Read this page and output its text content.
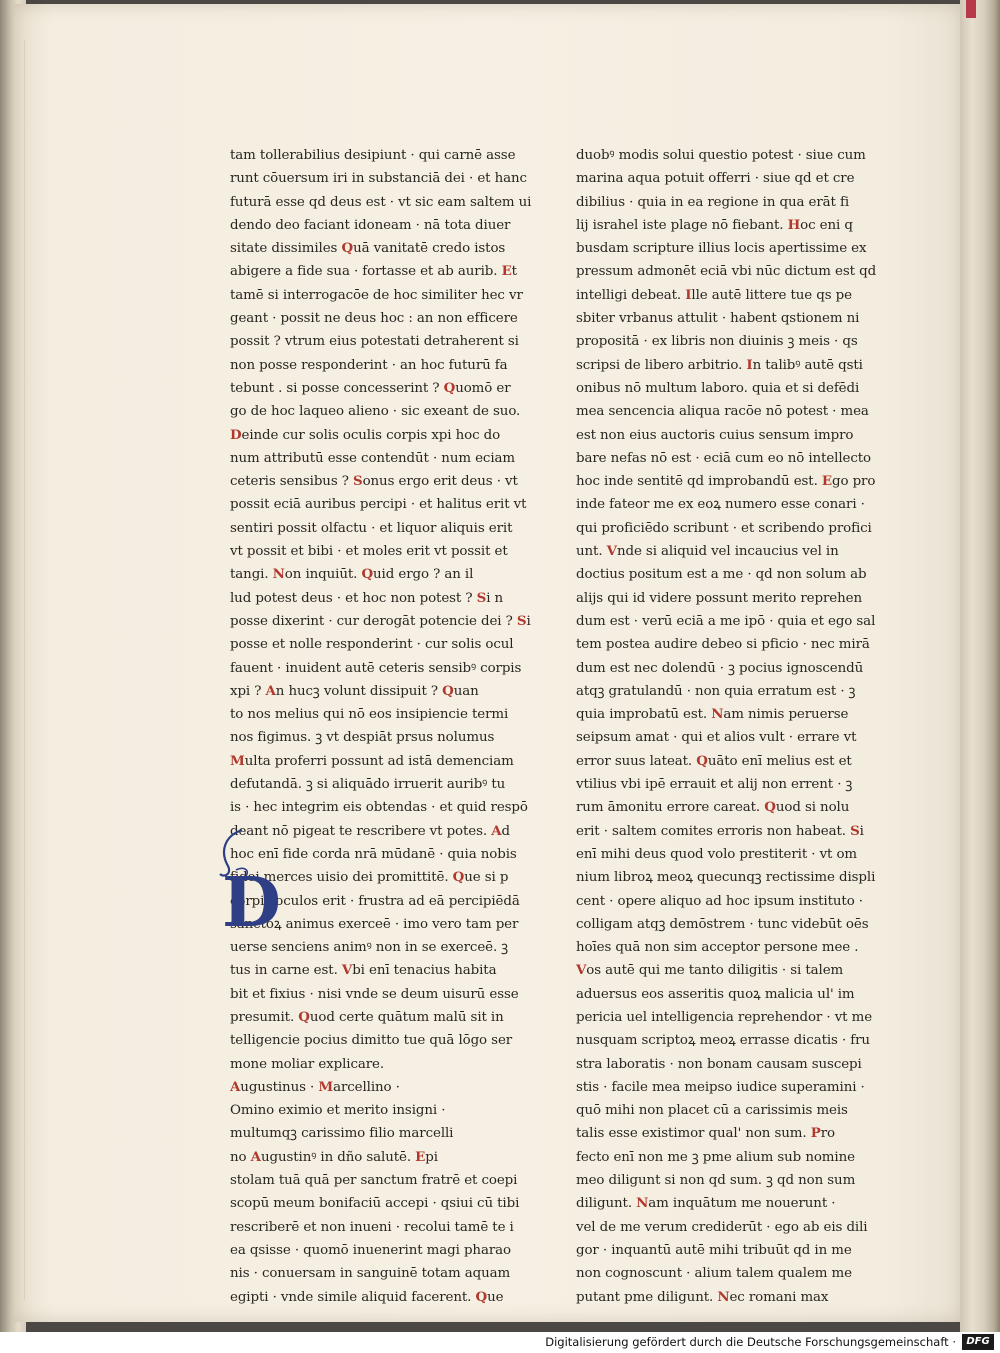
tam tollerabilius desipiunt · qui carnē asse
runt cōuersum iri in substanciā dei · et hanc
futurā esse qd deus est · vt sic eam saltem ui
dendo deo faciant idoneam · nā tota diuer
sitate dissimiles Quā vanitatē credo istos
abigere a fide sua · fortasse et ab aurib. Et
tamē si interrogacōe de hoc similiter hec vr
geant · possit ne deus hoc : an non efficere
possit ? vtrum eius potestati detraherent si
non posse responderint · an hoc futurū fa
tebunt . si posse concesserint ? Quomō er
go de hoc laqueo alieno · sic exeant de suo.
Deinde cur solis oculis corpis xpi hoc do
num attributū esse contendūt · num eciam
ceteris sensibus ? Sonus ergo erit deus · vt
possit eciā auribus percipi · et halitus erit vt
sentiri possit olfactu · et liquor aliquis erit
vt possit et bibi · et moles erit vt possit et
tangi. Non inquiūt. Quid ergo ? an il
lud potest deus · et hoc non potest ? Si n
posse dixerint · cur derogāt potencie dei ? Si
posse et nolle responderint · cur solis ocul
fauent · inuident autē ceteris sensibꝰ corpis
xpi ? An hucꝫ volunt dissipuit ? Quan
to nos melius qui nō eos insipiencie termi
nos figimus. ꝫ vt despiāt prsus nolumus
Multa proferri possunt ad istā demenciam
defutandā. ꝫ si aliquādo irruerit auribꝰ tu
is · hec integrim eis obtendas · et quid respō
deant nō pigeat te rescribere vt potes. Ad
hoc enī fide corda nrā mūdanē · quia nobis
fidei merces uisio dei promittitē. Que si p
corpis oculos erit · frustra ad eā percipiēdā
sanctoꝝ animus exerceē · imo vero tam per
uerse senciens animꝰ non in se exerceē. ꝫ
tus in carne est. Vbi enī tenacius habita
bit et fixius · nisi vnde se deum uisurū esse
presumit. Quod certe quātum malū sit in
telligencie pocius dimitto tue quā lōgo ser
mone moliar explicare.
Augustinus · Marcellino ·
Omino eximio et merito insigni ·
multumqꝫ carissimo filio marcelli
no Augustinꝰ in dño salutē. Epi
stolam tuā quā per sanctum fratrē et coepi
scopū meum bonifaciū accepi · qsiui cū tibi
rescriberē et non inueni · recolui tamē te i
ea qsisse · quomō inuenerint magi pharao
nis · conuersam in sanguinē totam aquam
egipti · vnde simile aliquid facerent. Que
duobꝰ modis solui questio potest · siue cum
marina aqua potuit offerri · siue qd et cre
dibilius · quia in ea regione in qua erāt fi
lij israhel iste plage nō fiebant. Hoc eni q
busdam scripture illius locis apertissime ex
pressum admonēt eciā vbi nūc dictum est qd
intelligi debeat. Ille autē littere tue qs pe
sbiter vrbanus attulit · habent qstionem ni
propositā · ex libris non diuinis ꝫ meis · qs
scripsi de libero arbitrio. In talibꝰ autē qsti
onibus nō multum laboro. quia et si defēdi
mea sencencia aliqua racōe nō potest · mea
est non eius auctoris cuius sensum impro
bare nefas nō est · eciā cum eo nō intellecto
hoc inde sentitē qd improbandū est. Ego pro
inde fateor me ex eoꝝ numero esse conari ·
qui proficiēdo scribunt · et scribendo profici
unt. Vnde si aliquid vel incaucius vel in
doctius positum est a me · qd non solum ab
alijs qui id videre possunt merito reprehen
dum est · verū eciā a me ipō · quia et ego sal
tem postea audire debeo si pficio · nec mirā
dum est nec dolendū · ꝫ pocius ignoscendū
atqꝫ gratulandū · non quia erratum est · ꝫ
quia improbatū est. Nam nimis peruerse
seipsum amat · qui et alios vult · errare vt
error suus lateat. Quāto enī melius est et
vtilius vbi ipē errauit et alij non errent · ꝫ
rum āmonitu errore careat. Quod si nolu
erit · saltem comites erroris non habeat. Si
enī mihi deus quod volo prestiterit · vt om
nium libroꝝ meoꝝ quecunqꝫ rectissime displi
cent · opere aliquo ad hoc ipsum instituto ·
colligam atqꝫ demōstrem · tunc videbūt oēs
hoīes quā non sim acceptor persone mee .
Vos autē qui me tanto diligitis · si talem
aduersus eos asseritis quoꝝ malicia ul' im
pericia uel intelligencia reprehendor · vt me
nusquam scriptoꝝ meoꝝ errasse dicatis · fru
stra laboratis · non bonam causam suscepi
stis · facile mea meipso iudice superamini ·
quō mihi non placet cū a carissimis meis
talis esse existimor qual' non sum. Pro
fecto enī non me ꝫ pme alium sub nomine
meo diligunt si non qd sum. ꝫ qd non sum
diligunt. Nam inquātum me nouerunt ·
vel de me verum crediderūt · ego ab eis dili
gor · inquantū autē mihi tribuūt qd in me
non cognoscunt · alium talem qualem me
putant pme diligunt. Nec romani max
D
Digitalisierung gefördert durch die Deutsche Forschungsgemeinschaft ·	DFG
